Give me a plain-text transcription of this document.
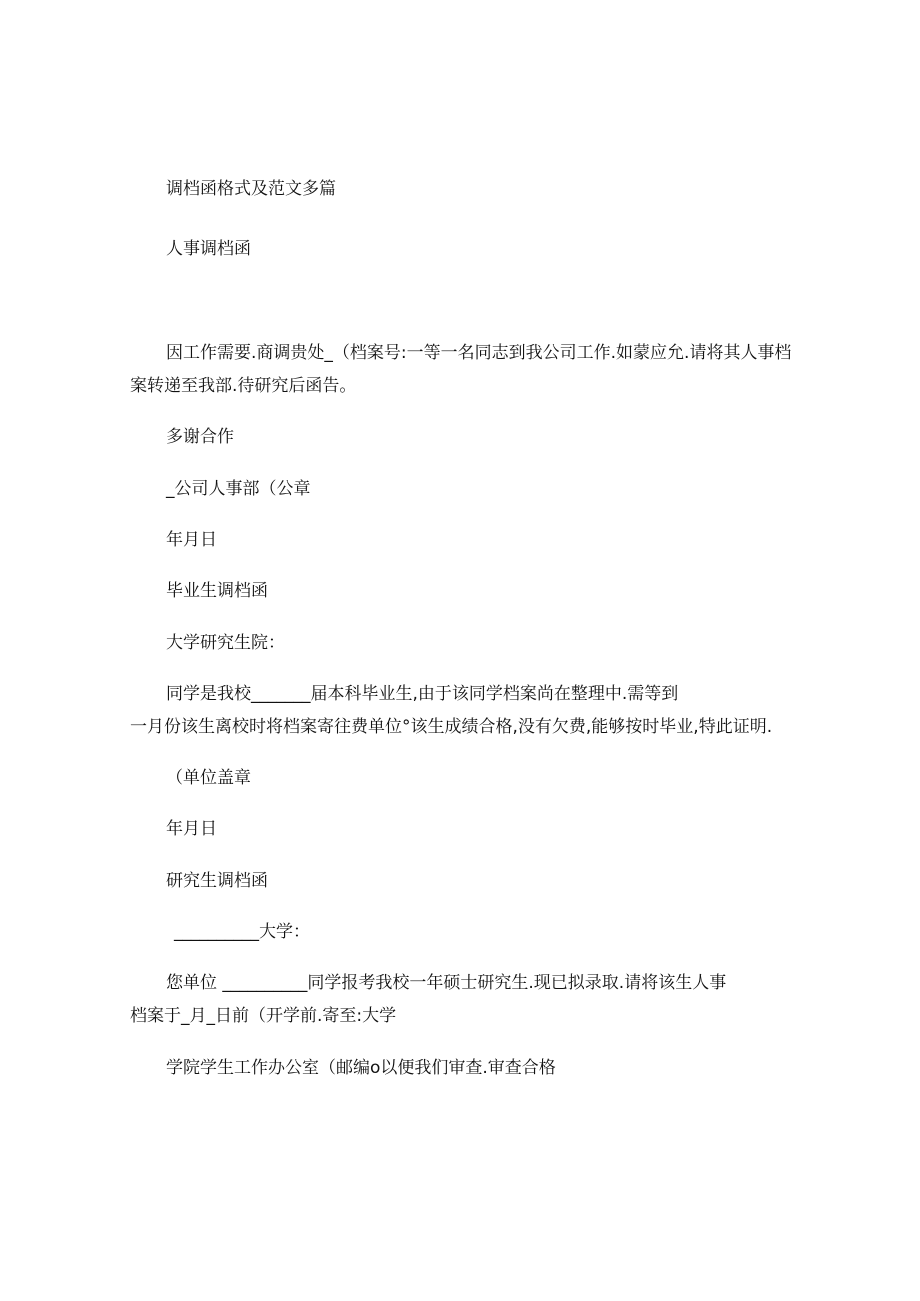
调档函格式及范文多篇

人事调档函

因工作需要.商调贵处_（档案号:一等一名同志到我公司工作.如蒙应允.请将其人事档

案转递至我部.待研究后函告。

多谢合作

_公司人事部（公章

年月日

毕业生调档函

大学研究生院：

同学是我校_______届本科毕业生,由于该同学档案尚在整理中.需等到

一月份该生离校时将档案寄往费单位°该生成绩合格,没有欠费,能够按时毕业,特此证明.

（单位盖章

年月日

研究生调档函

__________大学：

您单位 __________同学报考我校一年硕士研究生.现已拟录取.请将该生人事

档案于_月_日前（开学前.寄至:大学

学院学生工作办公室（邮编o以便我们审查.审查合格
